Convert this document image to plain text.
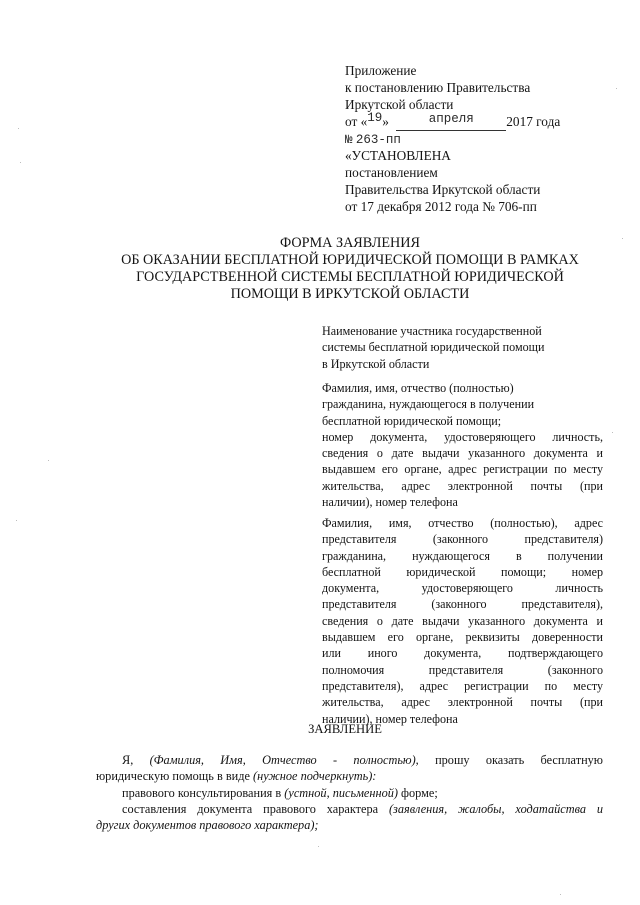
Приложение
к постановлению Правительства
Иркутской области
от «19»	апреля 2017 года
№ 263-пп
«УСТАНОВЛЕНА
постановлением
Правительства Иркутской области
от 17 декабря 2012 года № 706-пп
ФОРМА ЗАЯВЛЕНИЯ
ОБ ОКАЗАНИИ БЕСПЛАТНОЙ ЮРИДИЧЕСКОЙ ПОМОЩИ В РАМКАХ
ГОСУДАРСТВЕННОЙ СИСТЕМЫ БЕСПЛАТНОЙ ЮРИДИЧЕСКОЙ
ПОМОЩИ В ИРКУТСКОЙ ОБЛАСТИ
Наименование участника государственной
системы бесплатной юридической помощи
в Иркутской области
Фамилия, имя, отчество (полностью)
гражданина, нуждающегося в получении
бесплатной юридической помощи;
номер документа, удостоверяющего личность,
сведения о дате выдачи указанного документа и
выдавшем его органе, адрес регистрации по месту
жительства, адрес электронной почты (при
наличии), номер телефона
Фамилия, имя, отчество (полностью), адрес
представителя (законного представителя)
гражданина, нуждающегося в получении
бесплатной юридической помощи; номер
документа, удостоверяющего личность
представителя (законного представителя),
сведения о дате выдачи указанного документа и
выдавшем его органе, реквизиты доверенности
или иного документа, подтверждающего
полномочия представителя (законного
представителя), адрес регистрации по месту
жительства, адрес электронной почты (при
наличии), номер телефона
ЗАЯВЛЕНИЕ
Я, (Фамилия, Имя, Отчество - полностью), прошу оказать бесплатную
юридическую помощь в виде (нужное подчеркнуть):
правового консультирования в (устной, письменной) форме;
составления документа правового характера (заявления, жалобы, ходатайства и
других документов правового характера);
